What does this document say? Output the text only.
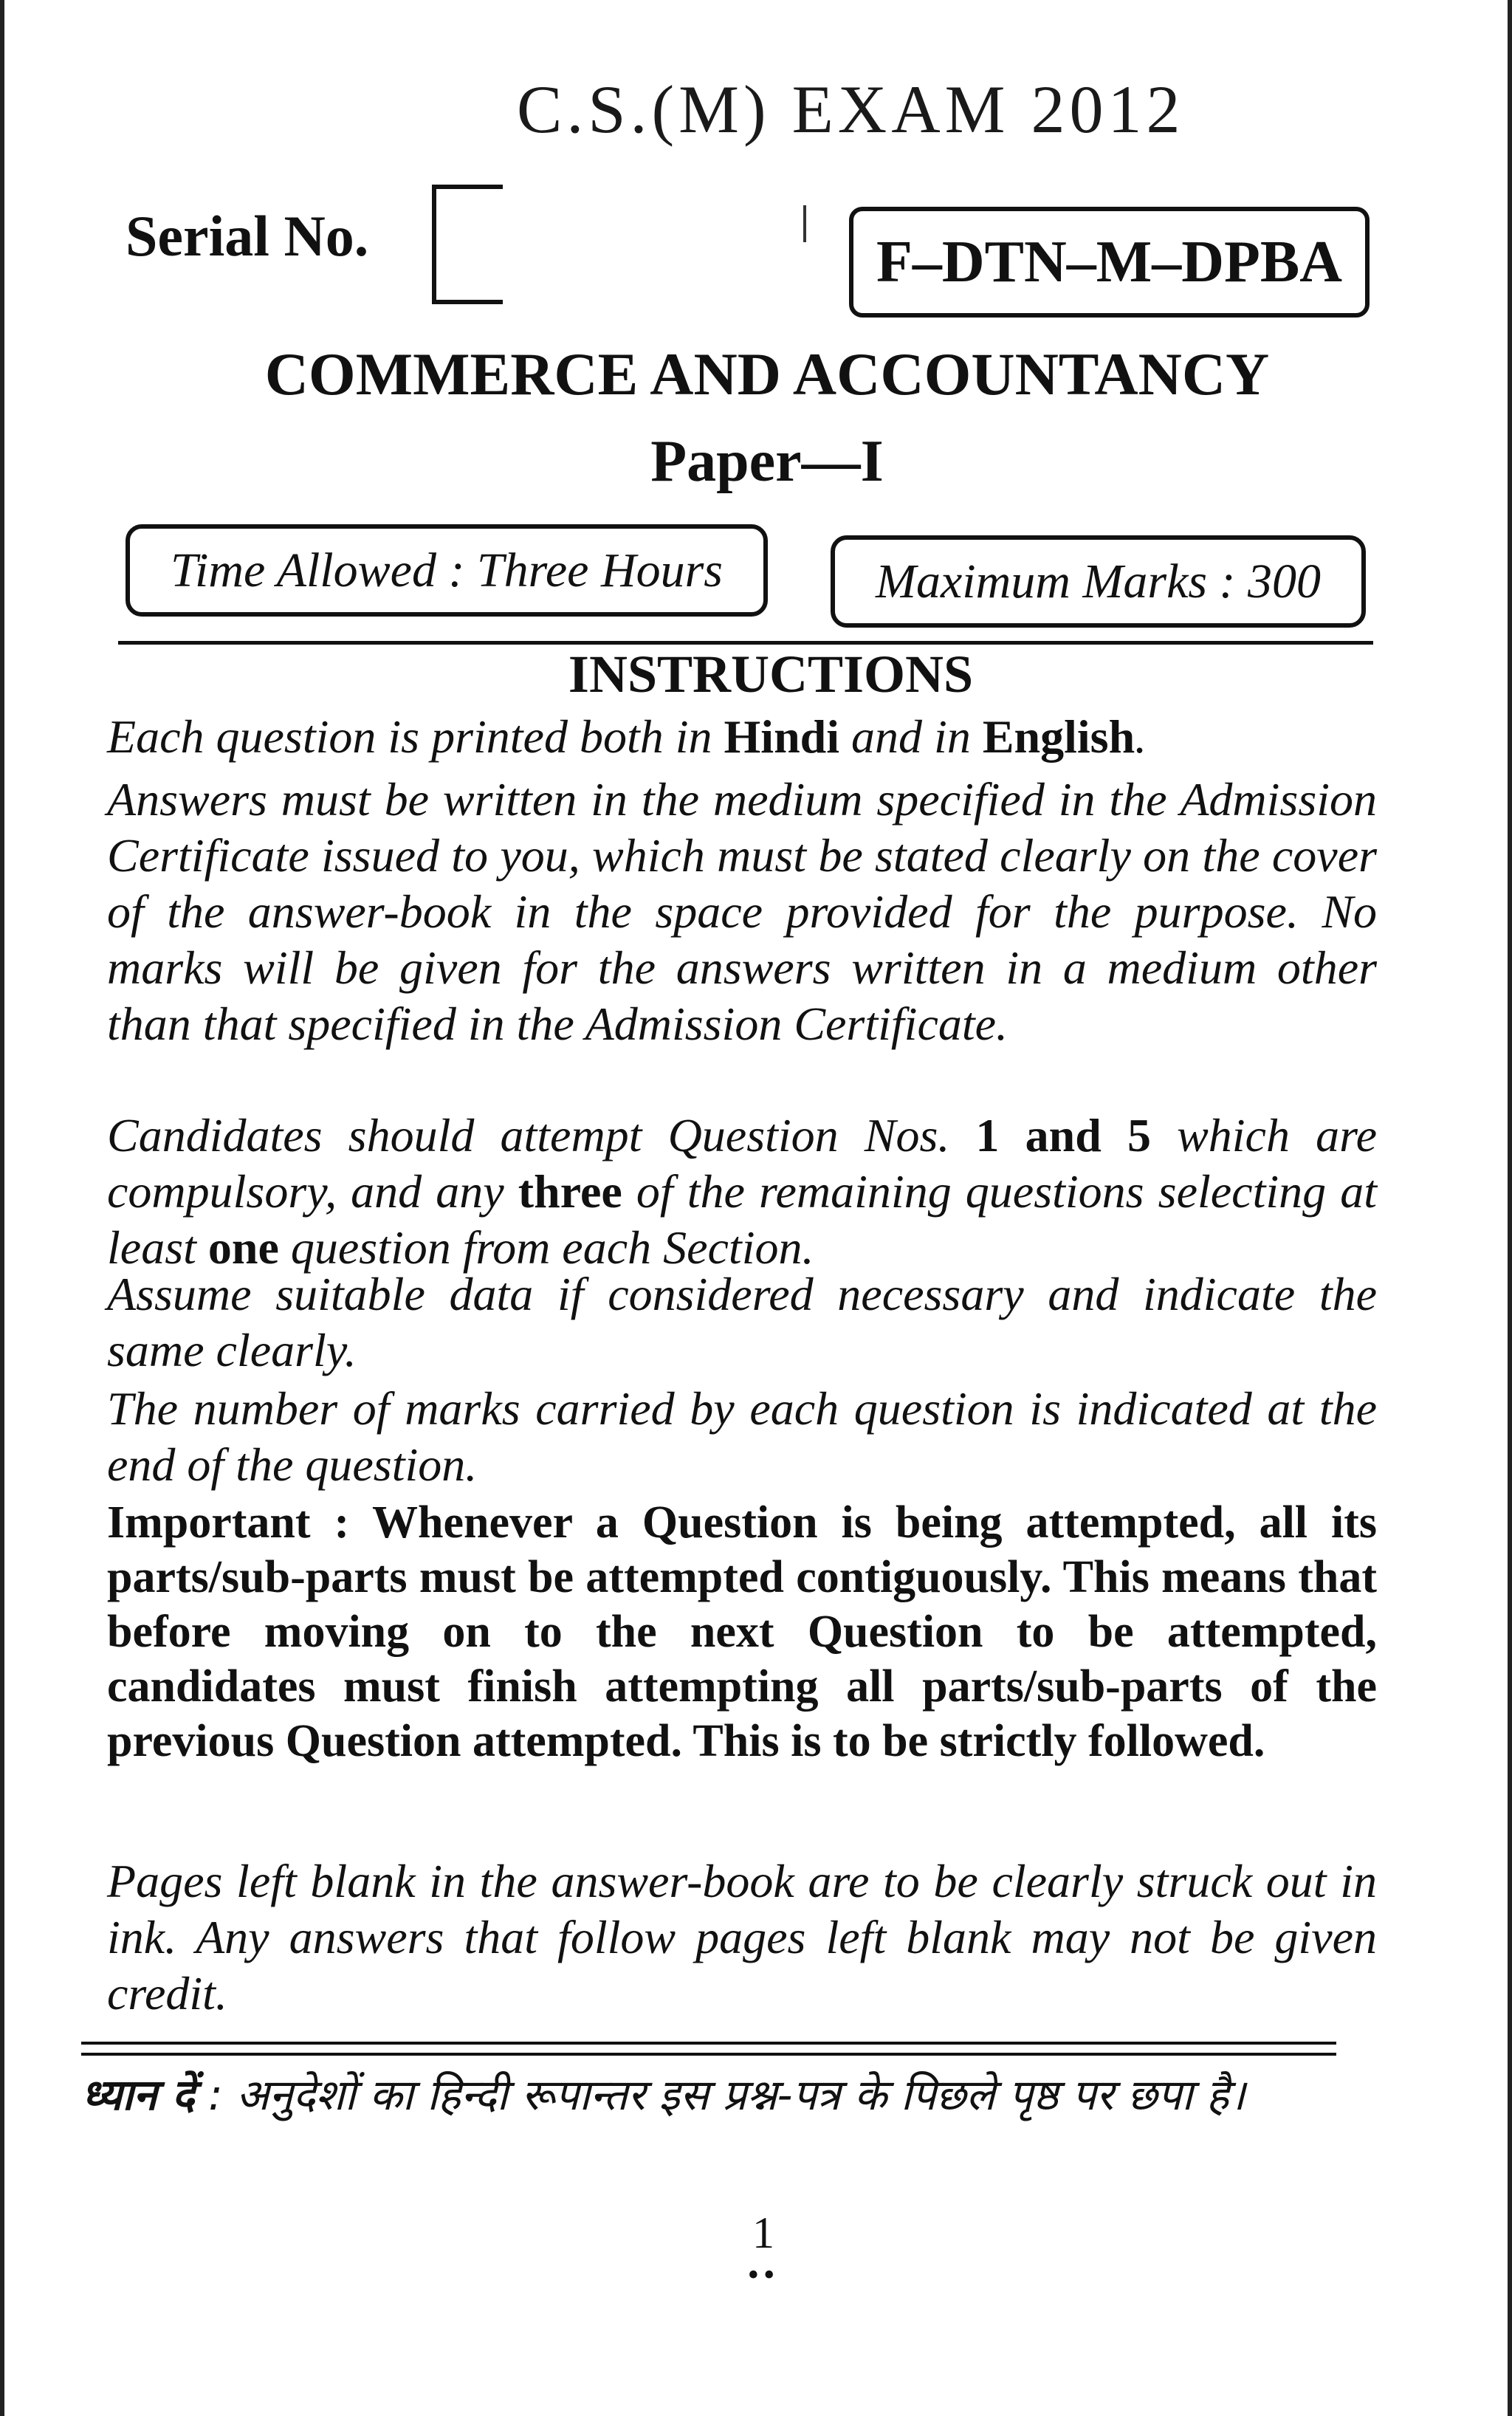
C.S.(M) EXAM 2012
Serial No.	F–DTN–M–DPBA
COMMERCE AND ACCOUNTANCY
Paper—I
Time Allowed : Three Hours	Maximum Marks : 300
INSTRUCTIONS
Each question is printed both in Hindi and in English.
Answers must be written in the medium specified in the Admission Certificate issued to you, which must be stated clearly on the cover of the answer-book in the space provided for the purpose. No marks will be given for the answers written in a medium other than that specified in the Admission Certificate.
Candidates should attempt Question Nos. 1 and 5 which are compulsory, and any three of the remaining questions selecting at least one question from each Section.
Assume suitable data if considered necessary and indicate the same clearly.
The number of marks carried by each question is indicated at the end of the question.
Important : Whenever a Question is being attempted, all its parts/sub-parts must be attempted contiguously. This means that before moving on to the next Question to be attempted, candidates must finish attempting all parts/sub-parts of the previous Question attempted. This is to be strictly followed.
Pages left blank in the answer-book are to be clearly struck out in ink. Any answers that follow pages left blank may not be given credit.
ध्यान दें : अनुदेशों का हिन्दी रूपान्तर इस प्रश्न-पत्र के पिछले पृष्ठ पर छपा है।
1
••
